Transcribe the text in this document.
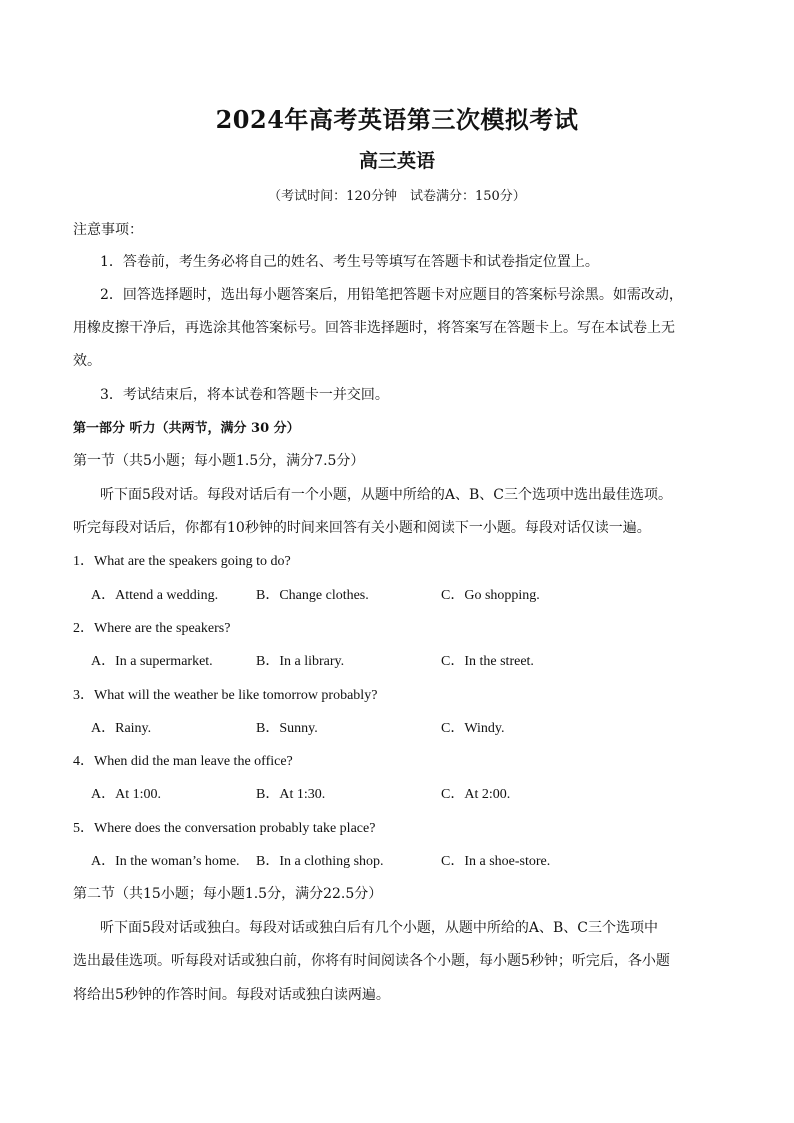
2024年高考英语第三次模拟考试
高三英语
（考试时间：120分钟　试卷满分：150分）
注意事项：
1．答卷前，考生务必将自己的姓名、考生号等填写在答题卡和试卷指定位置上。
2．回答选择题时，选出每小题答案后，用铅笔把答题卡对应题目的答案标号涂黑。如需改动，
用橡皮擦干净后，再选涂其他答案标号。回答非选择题时，将答案写在答题卡上。写在本试卷上无
效。
3．考试结束后，将本试卷和答题卡一并交回。
第一部分 听力（共两节，满分 30 分）
第一节（共5小题；每小题1.5分，满分7.5分）
听下面5段对话。每段对话后有一个小题，从题中所给的A、B、C三个选项中选出最佳选项。
听完每段对话后，你都有10秒钟的时间来回答有关小题和阅读下一小题。每段对话仅读一遍。
1．What are the speakers going to do?
A．Attend a wedding.	B．Change clothes.	C．Go shopping.
2．Where are the speakers?
A．In a supermarket.	B．In a library.	C．In the street.
3．What will the weather be like tomorrow probably?
A．Rainy.	B．Sunny.	C．Windy.
4．When did the man leave the office?
A．At 1:00.	B．At 1:30.	C．At 2:00.
5．Where does the conversation probably take place?
A．In the woman’s home. B．In a clothing shop.	C．In a shoe-store.
第二节（共15小题；每小题1.5分，满分22.5分）
听下面5段对话或独白。每段对话或独白后有几个小题，从题中所给的A、B、C三个选项中
选出最佳选项。听每段对话或独白前，你将有时间阅读各个小题，每小题5秒钟；听完后，各小题
将给出5秒钟的作答时间。每段对话或独白读两遍。
